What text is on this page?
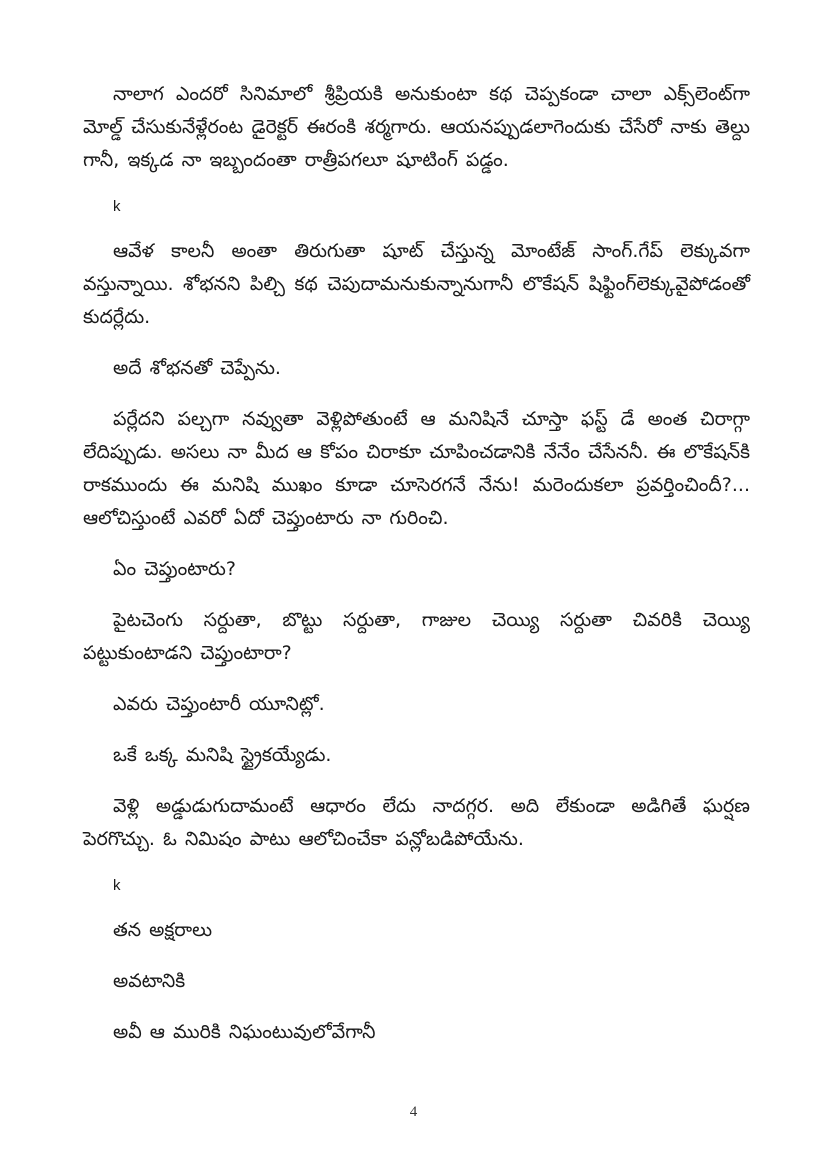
నాలాగ ఎందరో సినిమాలో శ్రీప్రియకి అనుకుంటా కథ చెప్పకండా చాలా ఎక్స్‌లెంట్‌గా మోల్డ్ చేసుకునేళ్లేరంట డైరెక్టర్ ఈరంకి శర్మగారు. ఆయనప్పుడలాగెందుకు చేసేరో నాకు తెల్దు గానీ, ఇక్కడ నా ఇబ్బందంతా రాత్రీపగలూ షూటింగ్ పడ్డం.

k

ఆవేళ కాలనీ అంతా తిరుగుతా షూట్ చేస్తున్న మోంటేజ్ సాంగ్.గేప్ లెక్కువగా వస్తున్నాయి. శోభనని పిల్చి కథ చెపుదామనుకున్నానుగానీ లొకేషన్ షిఫ్టింగ్‌లెక్కువైపోడంతో కుదర్లేదు.

అదే శోభనతో చెప్పేను.

పర్లేదని పల్చగా నవ్వుతా వెళ్లిపోతుంటే ఆ మనిషినే చూస్తా ఫస్ట్ డే అంత చిరాగ్గా లేదిప్పుడు. అసలు నా మీద ఆ కోపం చిరాకూ చూపించడానికి నేనేం చేసేననీ. ఈ లొకేషన్‌కి రాకముందు ఈ మనిషి ముఖం కూడా చూసెరగనే నేను! మరెందుకలా ప్రవర్తించిందీ?... ఆలోచిస్తుంటే ఎవరో ఏదో చెప్తుంటారు నా గురించి.

ఏం చెప్తుంటారు?

పైటచెంగు సర్దుతా, బొట్టు సర్దుతా, గాజుల చెయ్యి సర్దుతా చివరికి చెయ్యి పట్టుకుంటాడని చెప్తుంటారా?

ఎవరు చెప్తుంటారీ యూనిట్లో.

ఒకే ఒక్క మనిషి స్ట్రైకయ్యేడు.

వెళ్లి అడ్డుడుగుదామంటే ఆధారం లేదు నాదగ్గర. అది లేకుండా అడిగితే ఘర్షణ పెరగొచ్చు. ఓ నిమిషం పాటు ఆలోచించేకా పన్లోబడిపోయేను.

k

తన అక్షరాలు

అవటానికి

అవీ ఆ మురికి నిఘంటువులోవేగానీ

4
